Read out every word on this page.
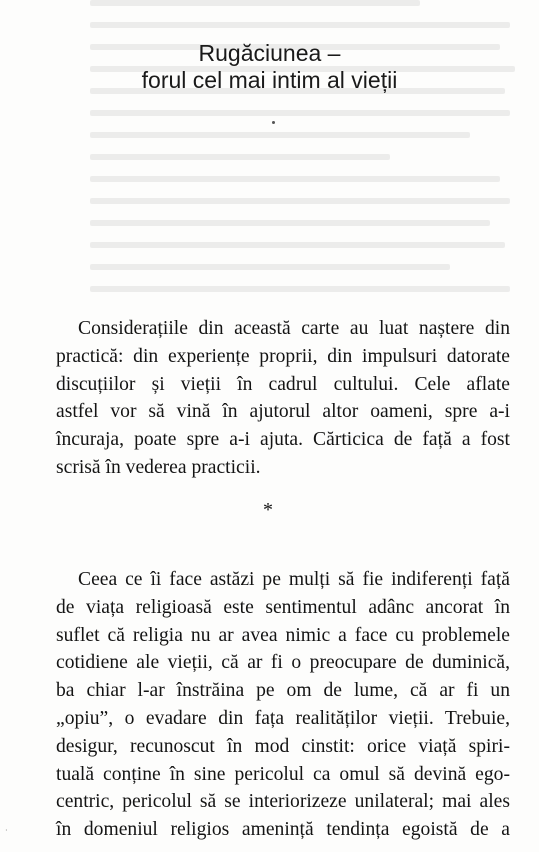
Rugăciunea –
forul cel mai intim al vieții

Considerațiile din această carte au luat naștere din
practică: din experiențe proprii, din impulsuri datorate
discuțiilor și vieții în cadrul cultului. Cele aflate
astfel vor să vină în ajutorul altor oameni, spre a-i
încuraja, poate spre a-i ajuta. Cărticica de față a fost
scrisă în vederea practicii.

*

Ceea ce îi face astăzi pe mulți să fie indiferenți față
de viața religioasă este sentimentul adânc ancorat în
suflet că religia nu ar avea nimic a face cu problemele
cotidiene ale vieții, că ar fi o preocupare de duminică,
ba chiar l-ar înstrăina pe om de lume, că ar fi un
„opiu”, o evadare din fața realităților vieții. Trebuie,
desigur, recunoscut în mod cinstit: orice viață spiri-
tuală conține în sine pericolul ca omul să devină ego-
centric, pericolul să se interiorizeze unilateral; mai ales
în domeniul religios amenință tendința egoistă de a

·
